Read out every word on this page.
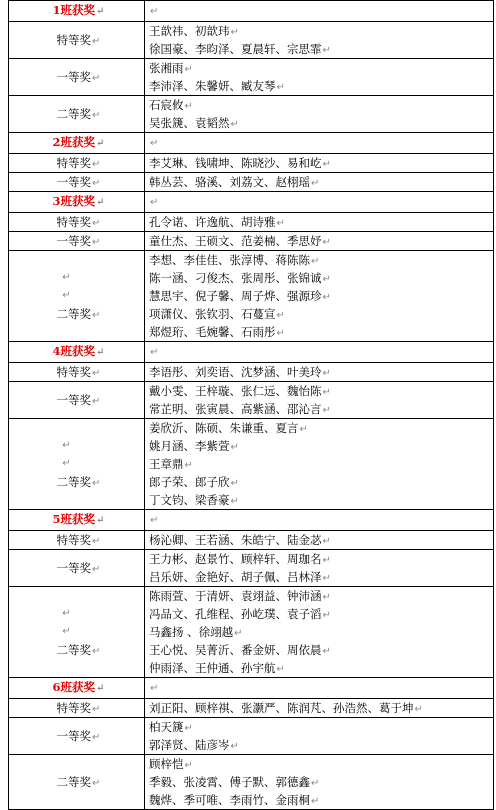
1班获奖↵	↵

特等奖↵	王歆祎、初歆玮↵
徐国豪、李昀泽、夏晨轩、宗思霏↵

一等奖↵	张湘雨↵
李沛泽、朱馨妍、臧友琴↵

二等奖↵	石宸攸↵
吴张篪、袁韬然↵

2班获奖↵	↵

特等奖↵	李艾琳、钱啸坤、陈晓沙、易和屹↵

一等奖↵	韩丛芸、骆溪、刘荔文、赵栩瑶↵

3班获奖↵	↵

特等奖↵	孔令诺、许逸航、胡诗雅↵

一等奖↵	童仕杰、王硕文、范姜楠、季思妤↵

↵
↵
二等奖↵	李想、李佳佳、张淳博、蒋陈陈↵
陈一涵、刁俊杰、张周彤、张锦诚↵
慧思宇、倪子馨、周子烨、强源珍↵
项潇仪、张钦羽、石蔓宣↵
郑煜珩、毛婉馨、石雨彤↵

4班获奖↵	↵

特等奖↵	李语彤、刘奕语、沈梦涵、叶美玲↵

一等奖↵	戴小雯、王梓璇、张仁远、魏怡陈↵
常芷明、张寅晨、高紫涵、邵沁言↵

↵
↵
二等奖↵	姜欣沂、陈硕、朱谦重、夏言↵
姚月涵、李紫萱↵
王章鼎↵
郎子荣、郎子欣↵
丁文钧、梁香豪↵

5班获奖↵	↵

特等奖↵	杨沁卿、王若涵、朱皓宁、陆金苾↵

一等奖↵	王力彬、赵景竹、顾梓轩、周珈名↵
吕乐妍、金艳好、胡子佩、吕林泽↵

↵
↵
二等奖↵	陈雨萱、于清妍、袁翊益、钟沛涵↵
冯品文、孔维程、孙屹璞、袁子滔↵
马鑫扬 、徐翊越↵
王心悦、吴菁沂、番金妍、周依晨↵
仲雨泽、王仲通、孙宇航↵

6班获奖↵	↵

特等奖↵	刘正阳、顾梓祺、张灏严、陈润芃、孙浩然、葛于坤↵

一等奖↵	柏天篪↵
郭泽贤、陆彦岑↵

二等奖↵	顾梓恺↵
季毅、张凌霄、傅子默、郭德鑫↵
魏烨、季可唯、李雨竹、金雨桐↵
